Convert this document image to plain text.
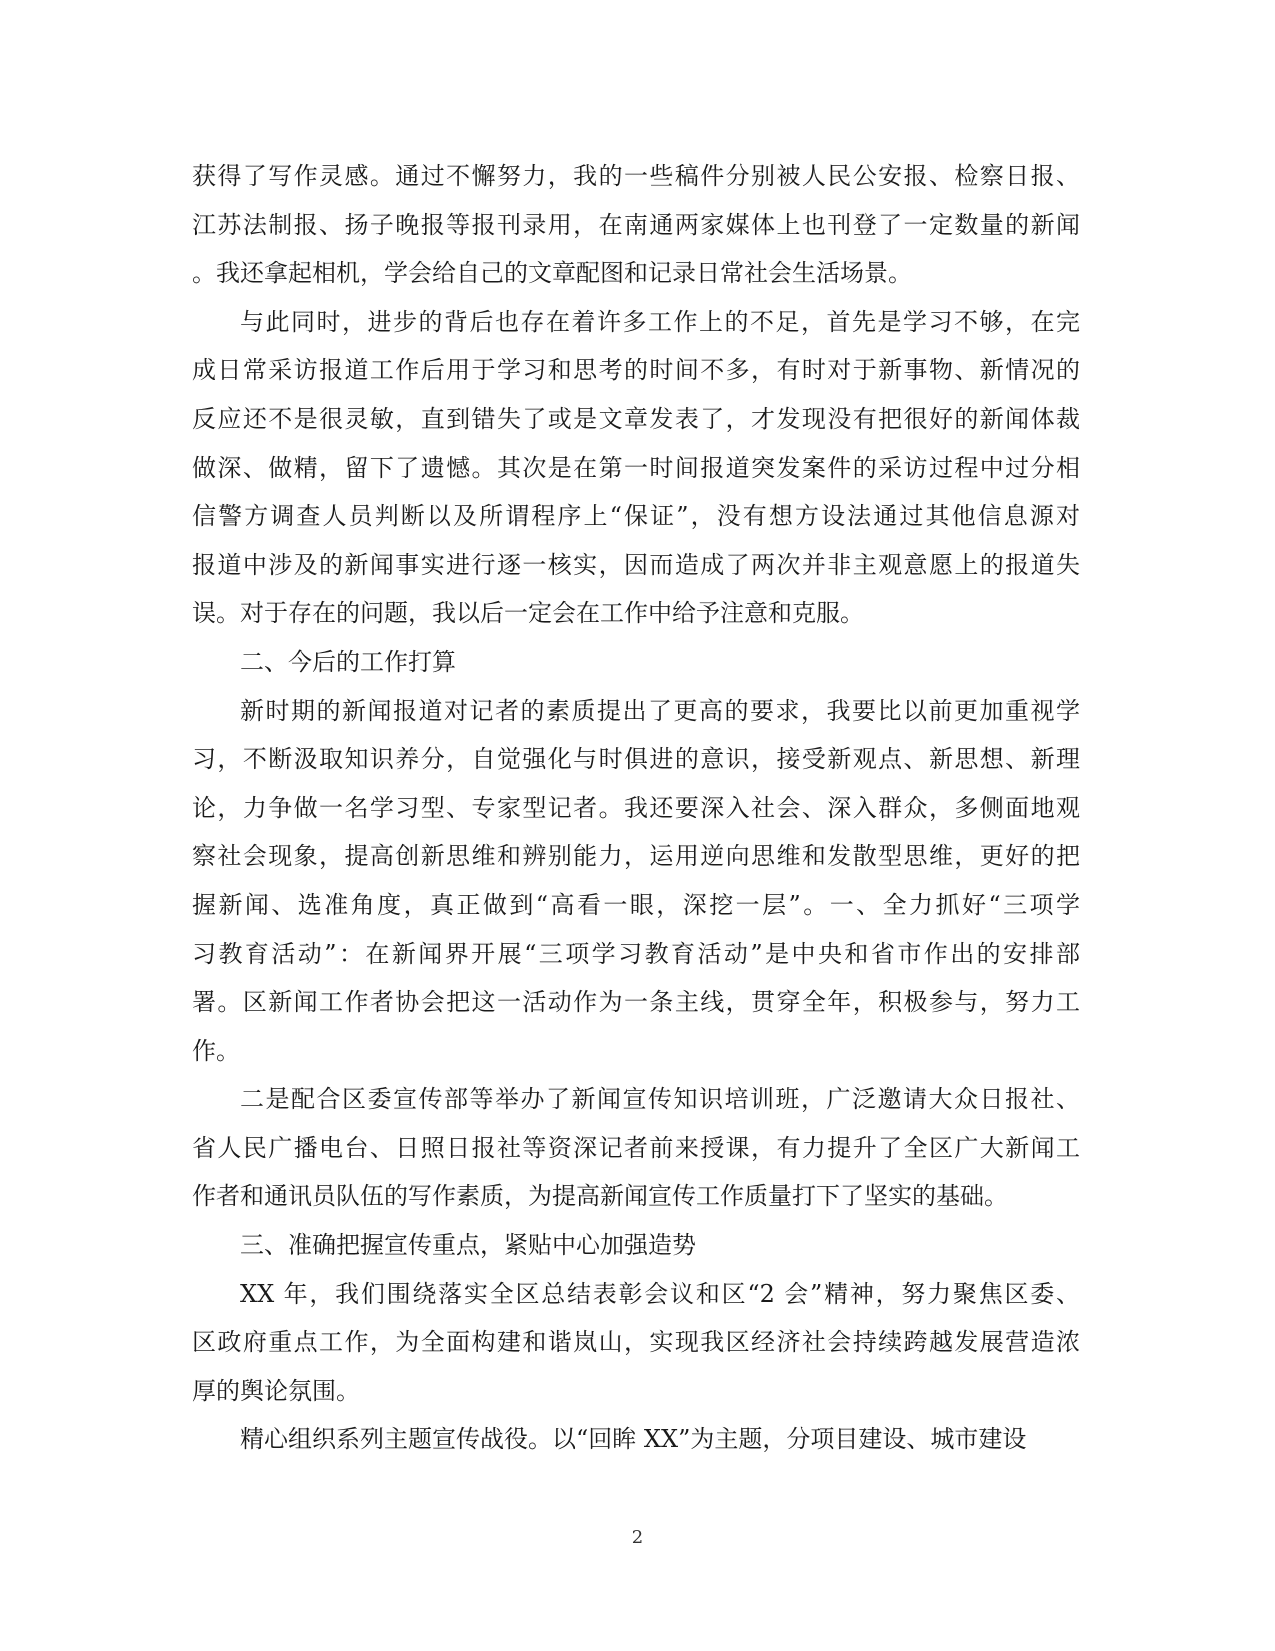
获得了写作灵感。通过不懈努力，我的一些稿件分别被人民公安报、检察日报、
江苏法制报、扬子晚报等报刊录用，在南通两家媒体上也刊登了一定数量的新闻
。我还拿起相机，学会给自己的文章配图和记录日常社会生活场景。
与此同时，进步的背后也存在着许多工作上的不足，首先是学习不够，在完
成日常采访报道工作后用于学习和思考的时间不多，有时对于新事物、新情况的
反应还不是很灵敏，直到错失了或是文章发表了，才发现没有把很好的新闻体裁
做深、做精，留下了遗憾。其次是在第一时间报道突发案件的采访过程中过分相
信警方调查人员判断以及所谓程序上“保证”，没有想方设法通过其他信息源对
报道中涉及的新闻事实进行逐一核实，因而造成了两次并非主观意愿上的报道失
误。对于存在的问题，我以后一定会在工作中给予注意和克服。
二、今后的工作打算
新时期的新闻报道对记者的素质提出了更高的要求，我要比以前更加重视学
习，不断汲取知识养分，自觉强化与时俱进的意识，接受新观点、新思想、新理
论，力争做一名学习型、专家型记者。我还要深入社会、深入群众，多侧面地观
察社会现象，提高创新思维和辨别能力，运用逆向思维和发散型思维，更好的把
握新闻、选准角度，真正做到“高看一眼，深挖一层”。一、全力抓好“三项学
习教育活动”：在新闻界开展“三项学习教育活动”是中央和省市作出的安排部
署。区新闻工作者协会把这一活动作为一条主线，贯穿全年，积极参与，努力工
作。
二是配合区委宣传部等举办了新闻宣传知识培训班，广泛邀请大众日报社、
省人民广播电台、日照日报社等资深记者前来授课，有力提升了全区广大新闻工
作者和通讯员队伍的写作素质，为提高新闻宣传工作质量打下了坚实的基础。
三、准确把握宣传重点，紧贴中心加强造势
XX 年，我们围绕落实全区总结表彰会议和区“2 会”精神，努力聚焦区委、
区政府重点工作，为全面构建和谐岚山，实现我区经济社会持续跨越发展营造浓
厚的舆论氛围。
精心组织系列主题宣传战役。以“回眸 XX”为主题，分项目建设、城市建设
2
